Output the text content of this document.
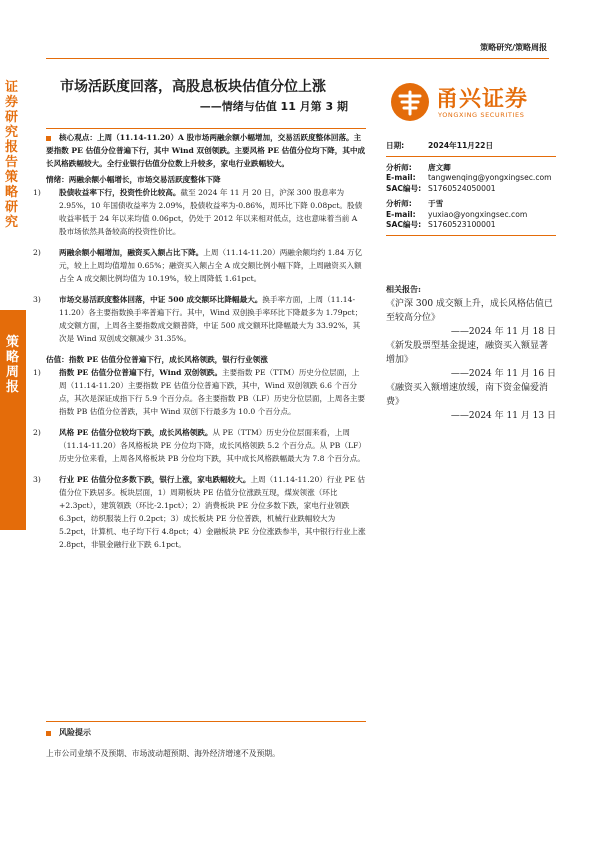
证券研究报告 策略研究
策略周报
策略研究/策略周报
市场活跃度回落，高股息板块估值分位上涨
——情绪与估值 11 月第 3 期	甬兴证券
YONGXING SECURITIES

核心观点：上周（11.14-11.20）A 股市场两融余额小幅增加，交易活跃度整体回落。主要指数 PE 估值分位普遍下行，其中 Wind 双创领跌。主要风格 PE 估值分位均下降，其中成长风格跌幅较大。全行业银行估值分位数上升较多，家电行业跌幅较大。

情绪：两融余额小幅增长，市场交易活跃度整体下降

1) 股债收益率下行，投资性价比较高。截至 2024 年 11 月 20 日，沪深 300 股息率为 2.95%，10 年国债收益率为 2.09%，股债收益率为-0.86%，周环比下降 0.08pct。股债收益率低于 24 年以来均值 0.06pct，仍处于 2012 年以来相对低点，这也意味着当前 A 股市场依然具备较高的投资性价比。
2) 两融余额小幅增加，融资买入额占比下降。上周（11.14-11.20）两融余额均约 1.84 万亿元，较上上周均值增加 0.65%；融资买入额占全 A 成交额比例小幅下降，上周融资买入额占全 A 成交额比例均值为 10.19%，较上周降低 1.61pct。
3) 市场交易活跃度整体回落，中证 500 成交额环比降幅最大。换手率方面，上周（11.14-11.20）各主要指数换手率普遍下行。其中，Wind 双创换手率环比下降最多为 1.79pct；成交额方面，上周各主要指数成交额普降，中证 500 成交额环比降幅最大为 33.92%，其次是 Wind 双创成交额减少 31.35%。

估值：指数 PE 估值分位普遍下行，成长风格领跌，银行行业领涨

1) 指数 PE 估值分位普遍下行，Wind 双创领跌。主要指数 PE（TTM）历史分位层面，上周（11.14-11.20）主要指数 PE 估值分位普遍下跌，其中，Wind 双创领跌 6.6 个百分点，其次是深证成指下行 5.9 个百分点。各主要指数 PB（LF）历史分位层面，上周各主要指数 PB 估值分位普跌，其中 Wind 双创下行最多为 10.0 个百分点。
2) 风格 PE 估值分位较均下跌，成长风格领跌。从 PE（TTM）历史分位层面来看，上周（11.14-11.20）各风格板块 PE 分位均下降，成长风格领跌 5.2 个百分点。从 PB（LF）历史分位来看，上周各风格板块 PB 分位均下跌，其中成长风格跌幅最大为 7.8 个百分点。
3) 行业 PE 估值分位多数下跌，银行上涨，家电跌幅较大。上周（11.14-11.20）行业 PE 估值分位下跌居多。板块层面，1）周期板块 PE 估值分位涨跌互现，煤炭领涨（环比+2.3pct），建筑领跌（环比-2.1pct）；2）消费板块 PE 分位多数下跌，家电行业领跌 6.3pct，纺织服装上行 0.2pct；3）成长板块 PE 分位普跌，机械行业跌幅较大为 5.2pct，计算机、电子均下行 4.8pct；4）金融板块 PE 分位涨跌参半，其中银行行业上涨 2.8pct，非银金融行业下跌 6.1pct。

日期:	2024年11月22日

分析师: 唐文卿

E-mail: tangwenqing@yongxingsec.com

SAC编号: S1760524050001

分析师: 于雪

E-mail: yuxiao@yongxingsec.com

SAC编号: S1760523100001

相关报告:
《沪深 300 成交额上升，成长风格估值已至较高分位》
——2024 年 11 月 18 日
《新发股票型基金提速，融资买入额显著增加》
——2024 年 11 月 16 日
《融资买入额增速放缓，南下资金偏爱消费》
——2024 年 11 月 13 日
风险提示
上市公司业绩不及预期、市场波动超预期、海外经济增速不及预期。
